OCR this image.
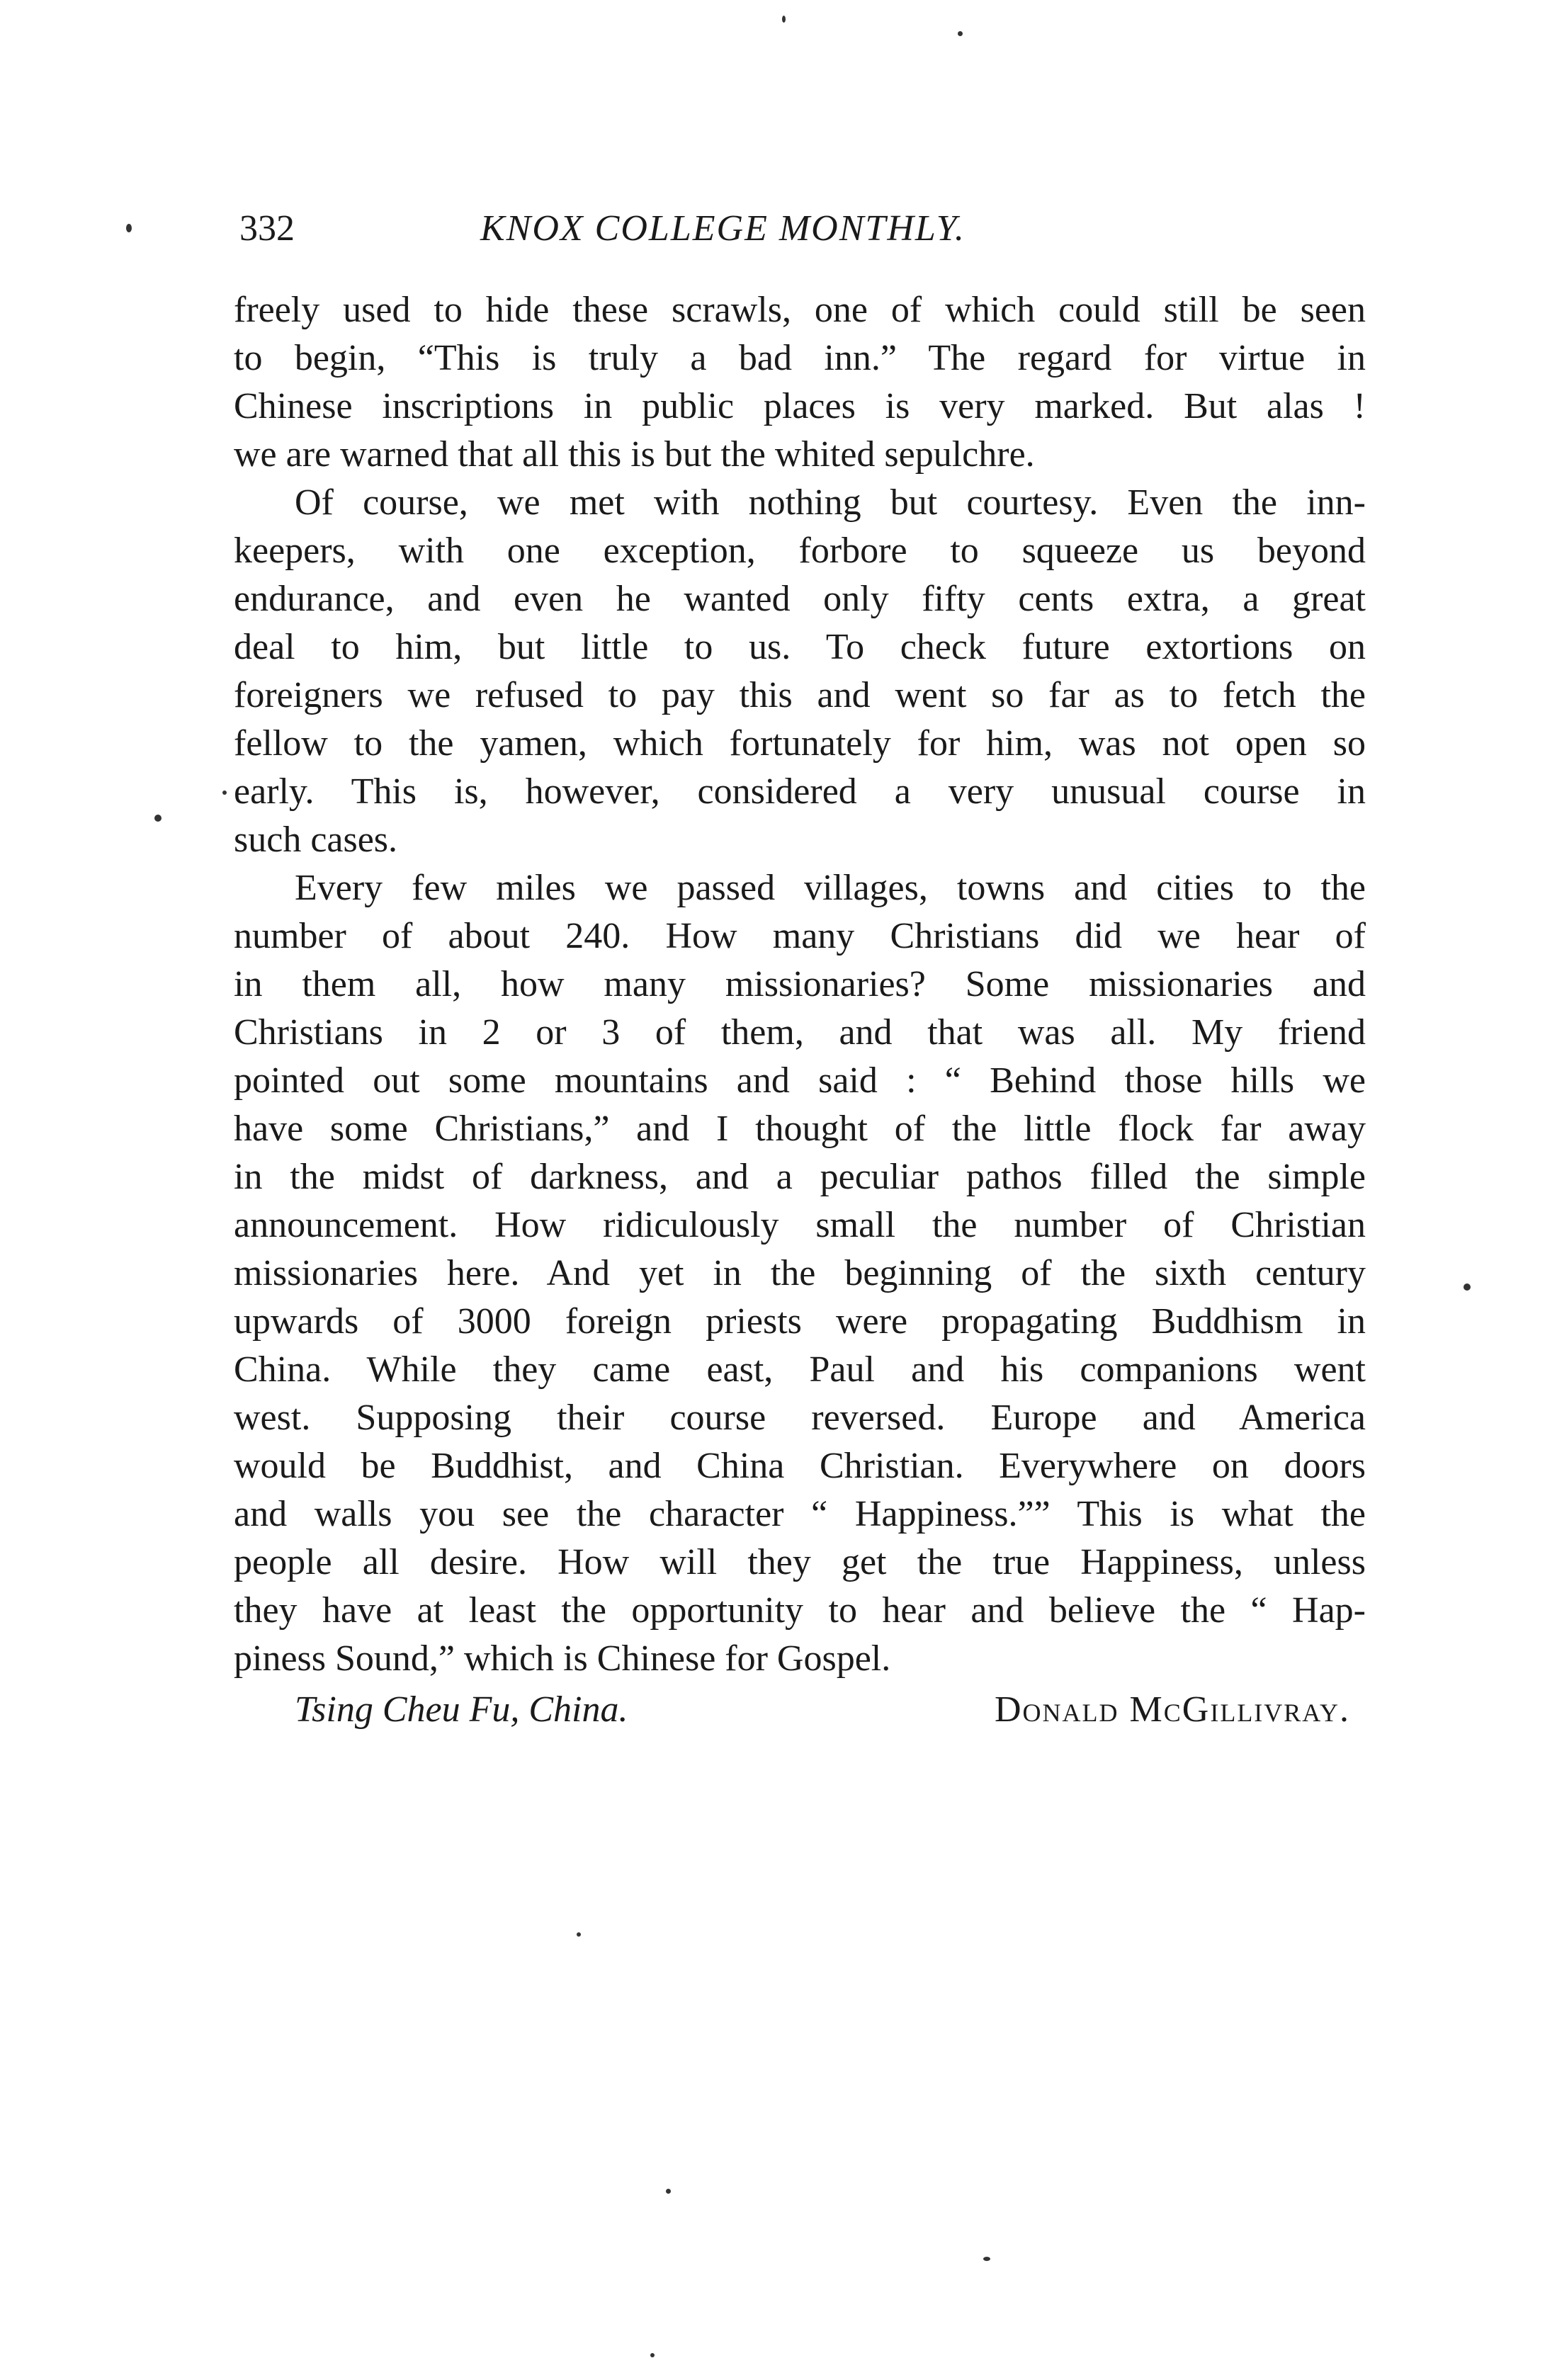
332	KNOX COLLEGE MONTHLY.
freely used to hide these scrawls, one of which could still be seen
to begin, “This is truly a bad inn.” The regard for virtue in
Chinese inscriptions in public places is very marked. But alas !
we are warned that all this is but the whited sepulchre.
Of course, we met with nothing but courtesy. Even the inn-
keepers, with one exception, forbore to squeeze us beyond
endurance, and even he wanted only fifty cents extra, a great
deal to him, but little to us. To check future extortions on
foreigners we refused to pay this and went so far as to fetch the
fellow to the yamen, which fortunately for him, was not open so
early. This is, however, considered a very unusual course in
such cases.
Every few miles we passed villages, towns and cities to the
number of about 240. How many Christians did we hear of
in them all, how many missionaries? Some missionaries and
Christians in 2 or 3 of them, and that was all. My friend
pointed out some mountains and said : “ Behind those hills we
have some Christians,” and I thought of the little flock far away
in the midst of darkness, and a peculiar pathos filled the simple
announcement. How ridiculously small the number of Christian
missionaries here. And yet in the beginning of the sixth century
upwards of 3000 foreign priests were propagating Buddhism in
China. While they came east, Paul and his companions went
west. Supposing their course reversed. Europe and America
would be Buddhist, and China Christian. Everywhere on doors
and walls you see the character “ Happiness.”” This is what the
people all desire. How will they get the true Happiness, unless
they have at least the opportunity to hear and believe the “ Hap-
piness Sound,” which is Chinese for Gospel.
Tsing Cheu Fu, China.	Donald McGillivray.
